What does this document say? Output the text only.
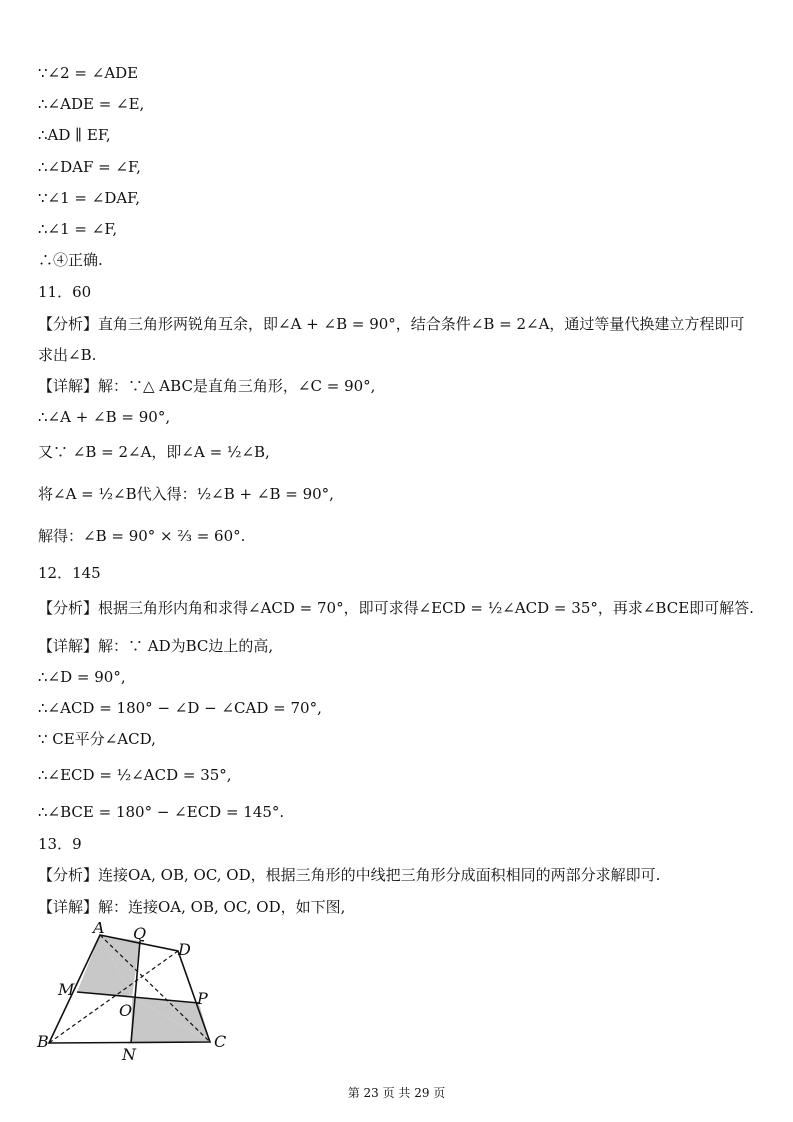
∵∠2 = ∠ADE
∴∠ADE = ∠E,
∴AD ∥ EF,
∴∠DAF = ∠F,
∵∠1 = ∠DAF,
∴∠1 = ∠F,
∴④正确.
11．60
【分析】直角三角形两锐角互余，即∠A + ∠B = 90°，结合条件∠B = 2∠A，通过等量代换建立方程即可
求出∠B.
【详解】解：∵△ ABC是直角三角形，∠C = 90°,
∴∠A + ∠B = 90°,
又∵ ∠B = 2∠A，即∠A = ½∠B,
将∠A = ½∠B代入得：½∠B + ∠B = 90°,
解得：∠B = 90° × ⅔ = 60°.
12．145
【分析】根据三角形内角和求得∠ACD = 70°，即可求得∠ECD = ½∠ACD = 35°，再求∠BCE即可解答.
【详解】解：∵ AD为BC边上的高,
∴∠D = 90°,
∴∠ACD = 180° − ∠D − ∠CAD = 70°,
∵ CE平分∠ACD,
∴∠ECD = ½∠ACD = 35°,
∴∠BCE = 180° − ∠ECD = 145°.
13．9
【分析】连接OA, OB, OC, OD，根据三角形的中线把三角形分成面积相同的两部分求解即可.
【详解】解：连接OA, OB, OC, OD，如下图,
A Q
D
M	P
O
B
N
C
第 23 页 共 29 页
